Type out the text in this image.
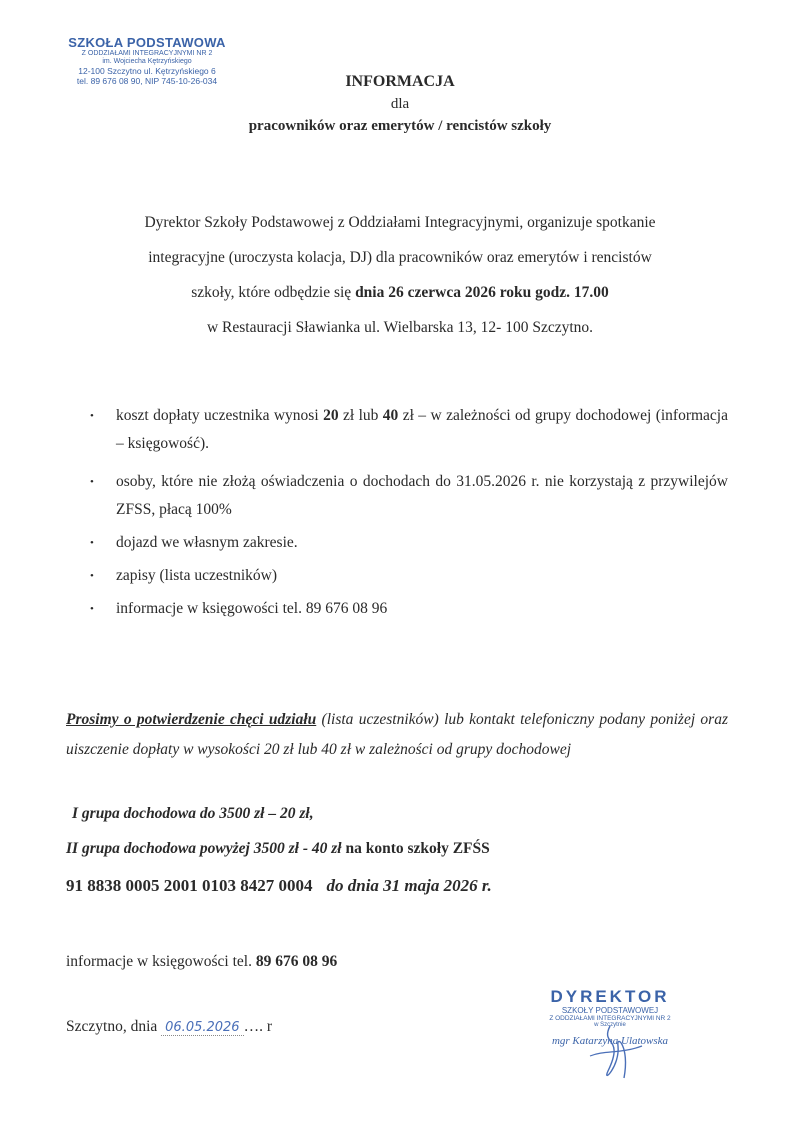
SZKOŁA PODSTAWOWA
Z ODDZIAŁAMI INTEGRACYJNYMI NR 2
im. Wojciecha Kętrzyńskiego
12-100 Szczytno ul. Kętrzyńskiego 6
tel. 89 676 08 90, NIP 745-10-26-034	INFORMACJA
dla
pracowników oraz emerytów / rencistów szkoły
Dyrektor Szkoły Podstawowej z Oddziałami Integracyjnymi, organizuje spotkanie
integracyjne (uroczysta kolacja, DJ) dla pracowników oraz emerytów i rencistów
szkoły, które odbędzie się dnia 26 czerwca 2026 roku godz. 17.00
w Restauracji Sławianka ul. Wielbarska 13, 12- 100 Szczytno.
• koszt dopłaty uczestnika wynosi 20 zł lub 40 zł – w zależności od grupy dochodowej (informacja – księgowość).
• osoby, które nie złożą oświadczenia o dochodach do 31.05.2026 r. nie korzystają z przywilejów ZFSS, płacą 100%
• dojazd we własnym zakresie.
• zapisy (lista uczestników)
• informacje w księgowości tel. 89 676 08 96
Prosimy o potwierdzenie chęci udziału (lista uczestników) lub kontakt telefoniczny podany poniżej oraz uiszczenie dopłaty w wysokości 20 zł lub 40 zł w zależności od grupy dochodowej
I grupa dochodowa do 3500 zł – 20 zł,
II grupa dochodowa powyżej 3500 zł - 40 zł na konto szkoły ZFŚS
91 8838 0005 2001 0103 8427 0004 do dnia 31 maja 2026 r.
informacje w księgowości tel. 89 676 08 96
Szczytno, dnia 06.05.2026 …. r
DYREKTOR
SZKOŁY PODSTAWOWEJ
Z ODDZIAŁAMI INTEGRACYJNYMI NR 2
w Szczytnie
mgr Katarzyna Ulatowska
